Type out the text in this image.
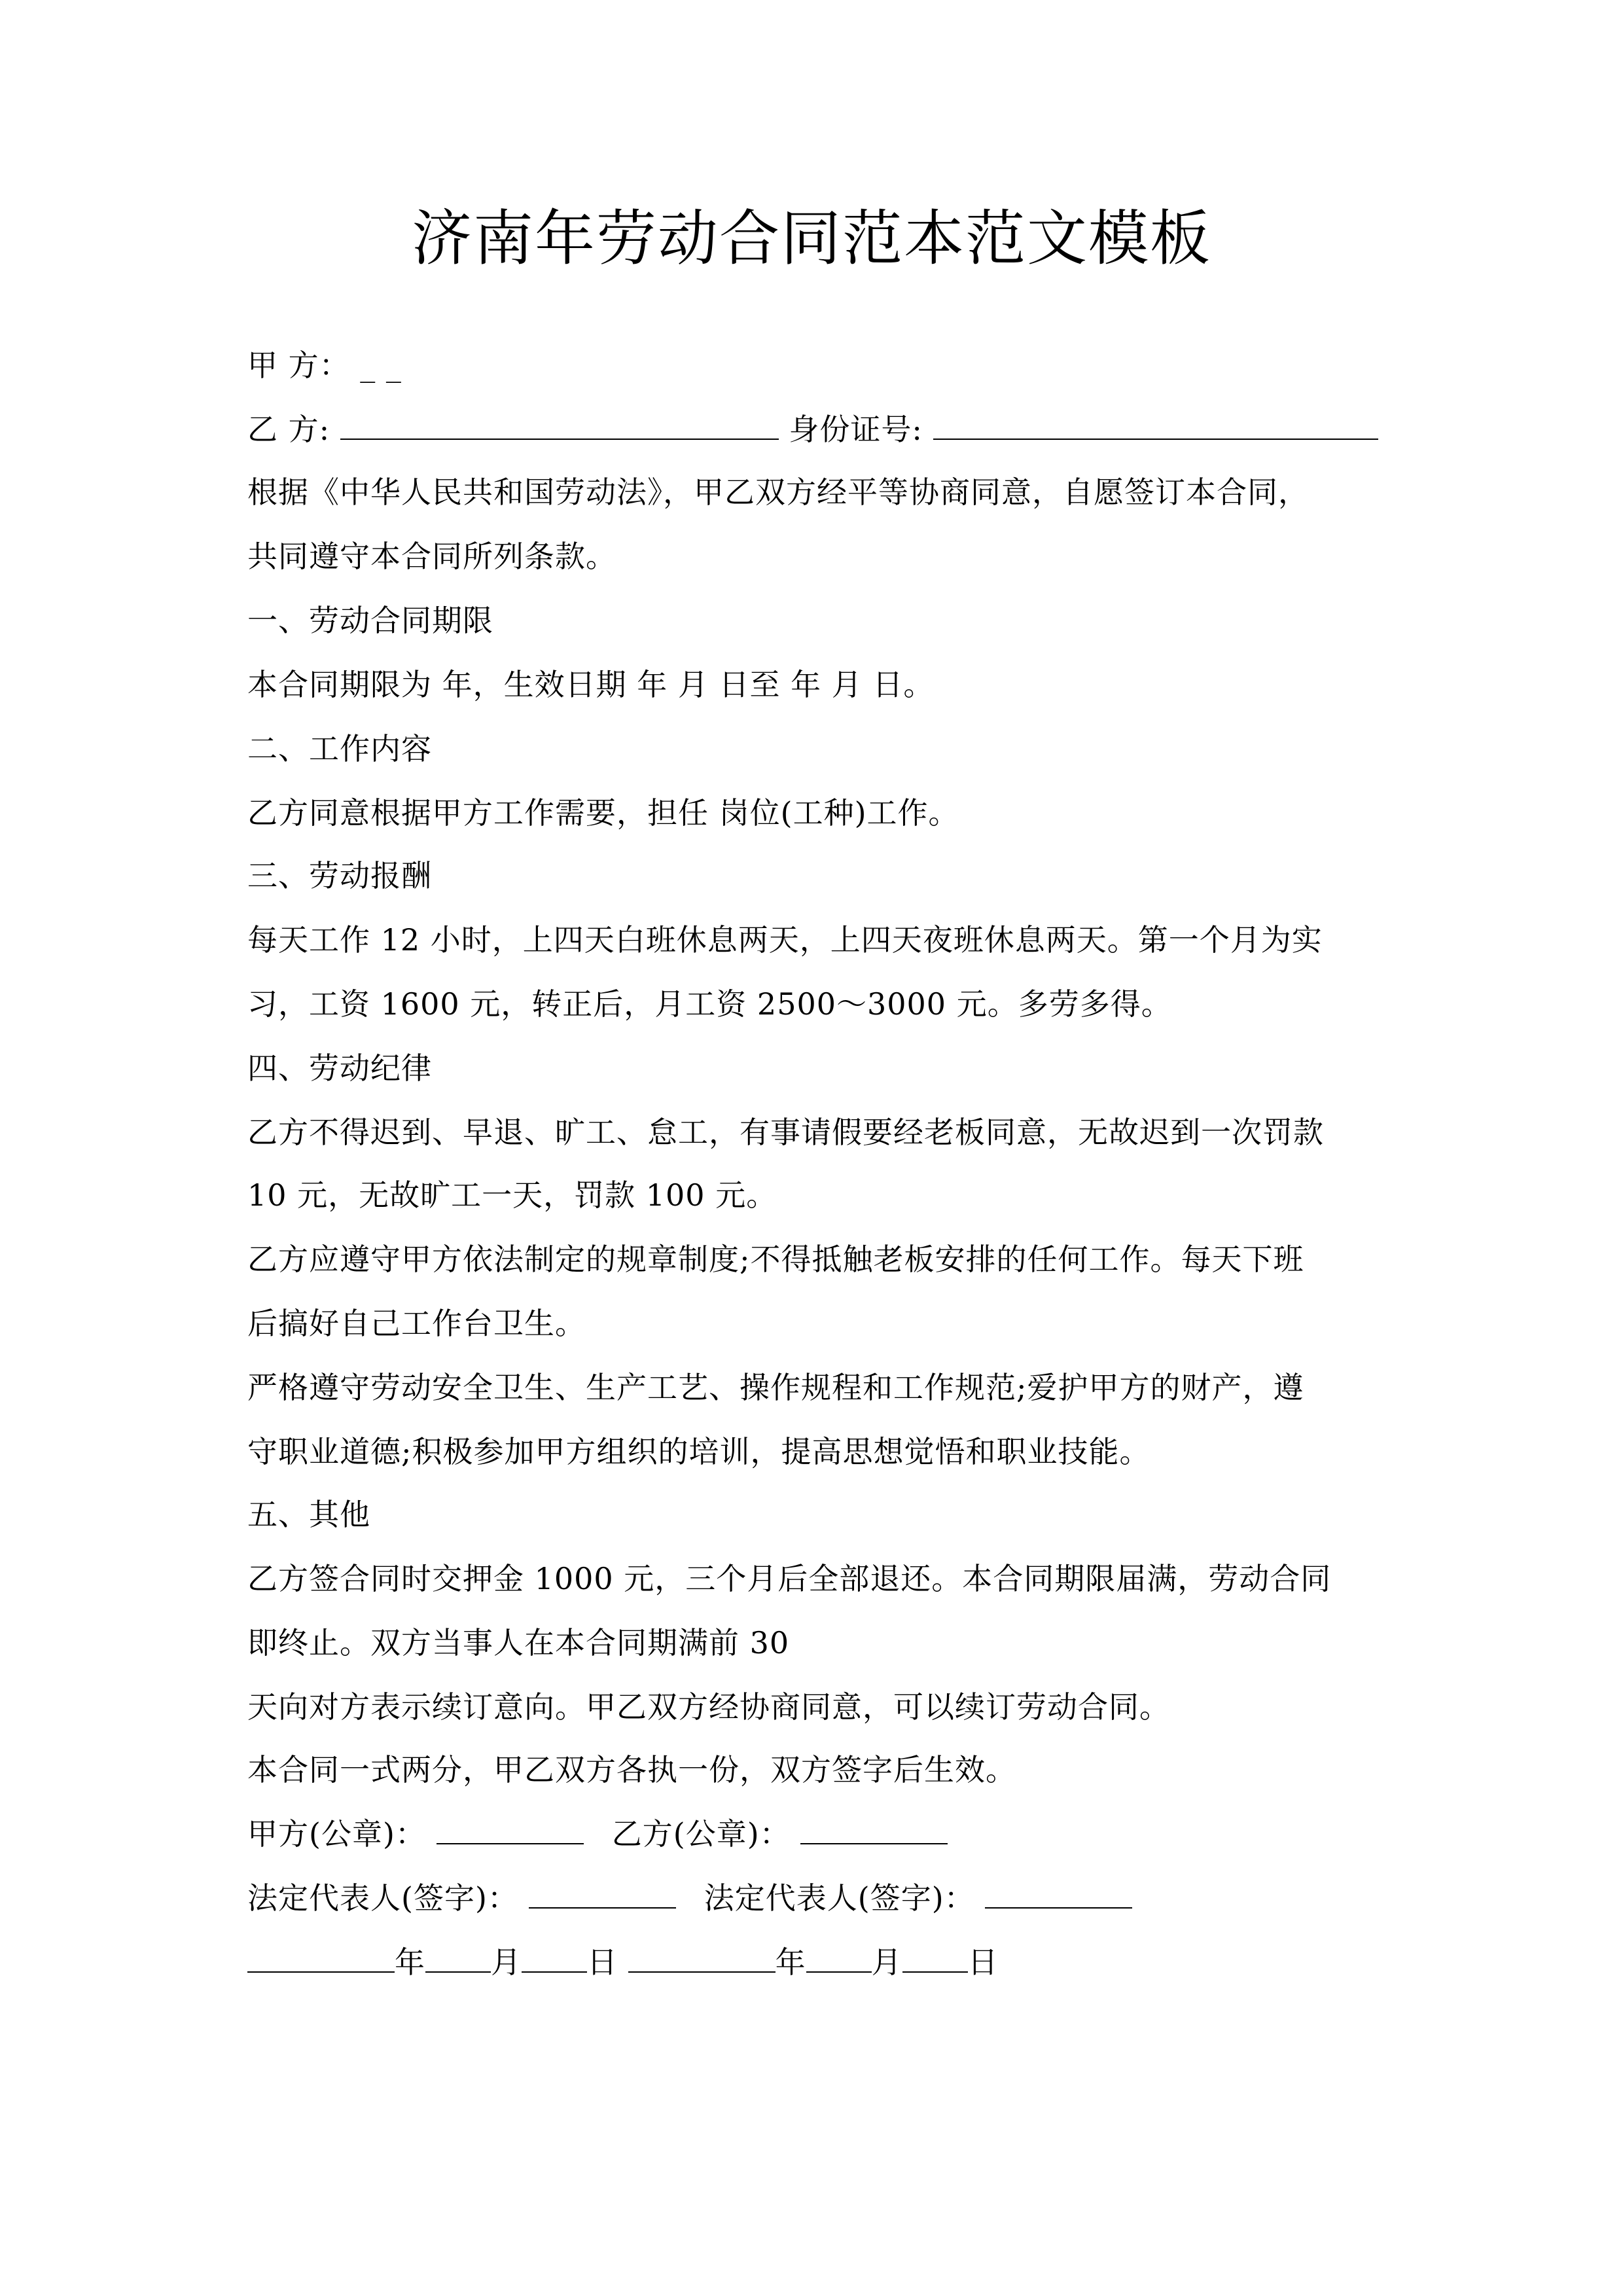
济南年劳动合同范本范文模板
甲 方： _ _
乙 方:	身份证号:
根据《中华人民共和国劳动法》，甲乙双方经平等协商同意，自愿签订本合同，
共同遵守本合同所列条款。
一、劳动合同期限
本合同期限为 年，生效日期 年 月 日至 年 月 日。
二、工作内容
乙方同意根据甲方工作需要，担任 岗位(工种)工作。
三、劳动报酬
每天工作 12 小时，上四天白班休息两天，上四天夜班休息两天。第一个月为实
习，工资 1600 元，转正后，月工资 2500～3000 元。多劳多得。
四、劳动纪律
乙方不得迟到、早退、旷工、怠工，有事请假要经老板同意，无故迟到一次罚款
10 元，无故旷工一天，罚款 100 元。
乙方应遵守甲方依法制定的规章制度;不得抵触老板安排的任何工作。每天下班
后搞好自己工作台卫生。
严格遵守劳动安全卫生、生产工艺、操作规程和工作规范;爱护甲方的财产，遵
守职业道德;积极参加甲方组织的培训，提高思想觉悟和职业技能。
五、其他
乙方签合同时交押金 1000 元，三个月后全部退还。本合同期限届满，劳动合同
即终止。双方当事人在本合同期满前 30
天向对方表示续订意向。甲乙双方经协商同意，可以续订劳动合同。
本合同一式两分，甲乙双方各执一份，双方签字后生效。
甲方(公章)：	乙方(公章)：
法定代表人(签字)：	法定代表人(签字)：
年 月 日	年 月 日
